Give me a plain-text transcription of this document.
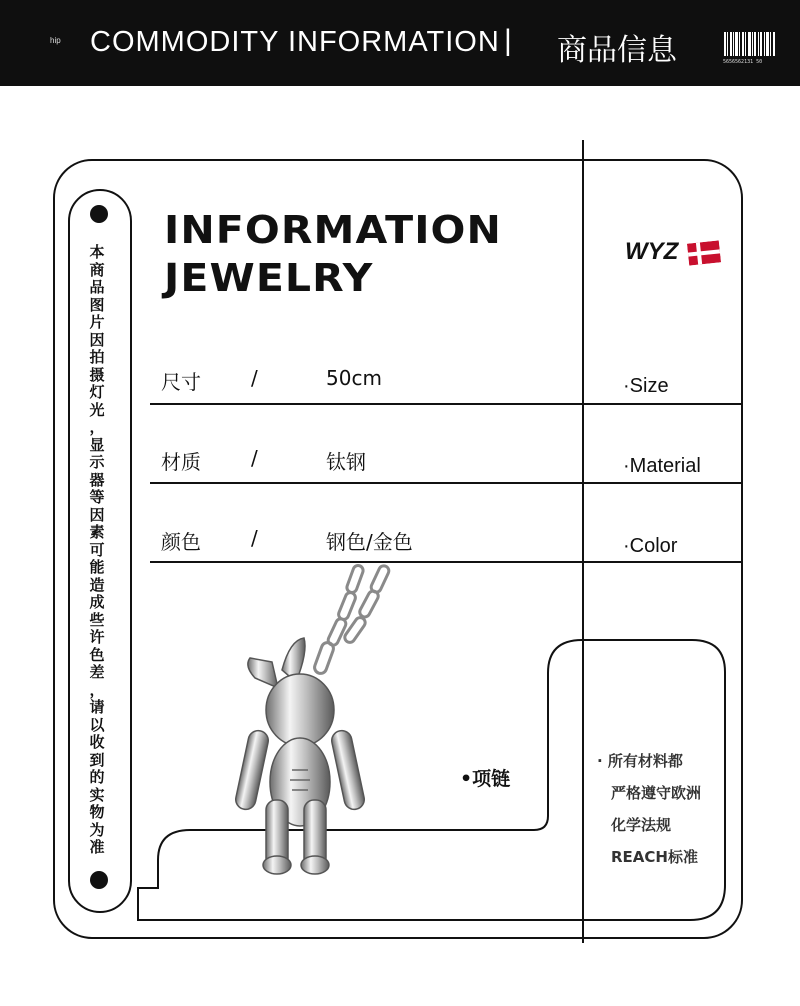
hip COMMODITY INFORMATION | 商品信息	5656562131 50
本
商
品
图
片
因
拍
摄
灯
光
，
显
示
器
等
因
素
可
能
造
成
些
许
色
差
，
请
以
收
到
的
实
物
为
准
INFORMATION
JEWELRY
WYZ
尺寸	/	50cm	·Size
材质	/	钛钢	·Material
颜色	/	钢色/金色	·Color
•项链
· 所有材料都
严格遵守欧洲
化学法规
REACH标准
